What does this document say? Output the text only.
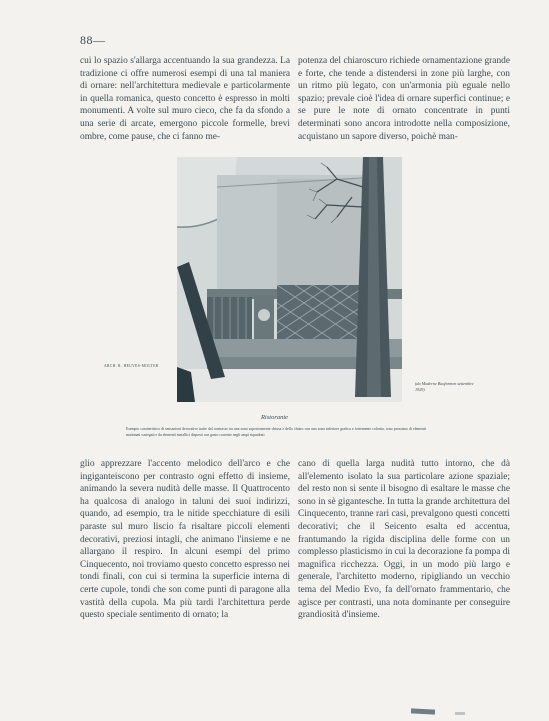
88—

cui lo spazio s'allarga accentuando la sua grandezza. La tradizione ci offre numerosi esempi di una tal maniera di ornare: nell'architettura medievale e particolarmente in quella romanica, questo concetto è espresso in molti monumenti. A volte sul muro cieco, che fa da sfondo a una serie di arcate, emergono piccole formelle, brevi ombre, come pause, che ci fanno me-

potenza del chiaroscuro richiede ornamentazione grande e forte, che tende a distendersi in zone più larghe, con un ritmo più legato, con un'armonia più eguale nello spazio; prevale cioè l'idea di ornare superfici continue; e se pure le note di ornato concentrate in punti determinati sono ancora introdotte nella composizione, acquistano un sapore diverso, poichè man-

ARCH. R. HEUVES-MOLTER
(da Moderne Bauformen settembre 1929)
Ristorante
Esempio caratteristico di sensazioni decorative tratte dal contrasto tra una zona superiormente chiusa e dello chiaro con una zona inferiore grafica e fortemente colorita, tono prossimo di elementi mattonati variegati e da elementi metallici disposti con gusto corrente negli ampi riquadrati

glio apprezzare l'accento melodico dell'arco e che ingiganteiscono per contrasto ogni effetto di insieme, animando la severa nudità delle masse. Il Quattrocento ha qualcosa di analogo in taluni dei suoi indirizzi, quando, ad esempio, tra le nitide specchiature di esili paraste sul muro liscio fa risaltare piccoli elementi decorativi, preziosi intagli, che animano l'insieme e ne allargano il respiro. In alcuni esempi del primo Cinquecento, noi troviamo questo concetto espresso nei tondi finali, con cui si termina la superficie interna di certe cupole, tondi che son come punti di paragone alla vastità della cupola. Ma più tardi l'architettura perde questo speciale sentimento di ornato; la

cano di quella larga nudità tutto intorno, che dà all'elemento isolato la sua particolare azione spaziale; del resto non si sente il bisogno di esaltare le masse che sono in sè gigantesche. In tutta la grande architettura del Cinquecento, tranne rari casi, prevalgono questi concetti decorativi; che il Seicento esalta ed accentua, frantumando la rigida disciplina delle forme con un complesso plasticismo in cui la decorazione fa pompa di magnifica ricchezza. Oggi, in un modo più largo e generale, l'architetto moderno, ripigliando un vecchio tema del Medio Evo, fa dell'ornato frammentario, che agisce per contrasti, una nota dominante per conseguire grandiosità d'insieme.
